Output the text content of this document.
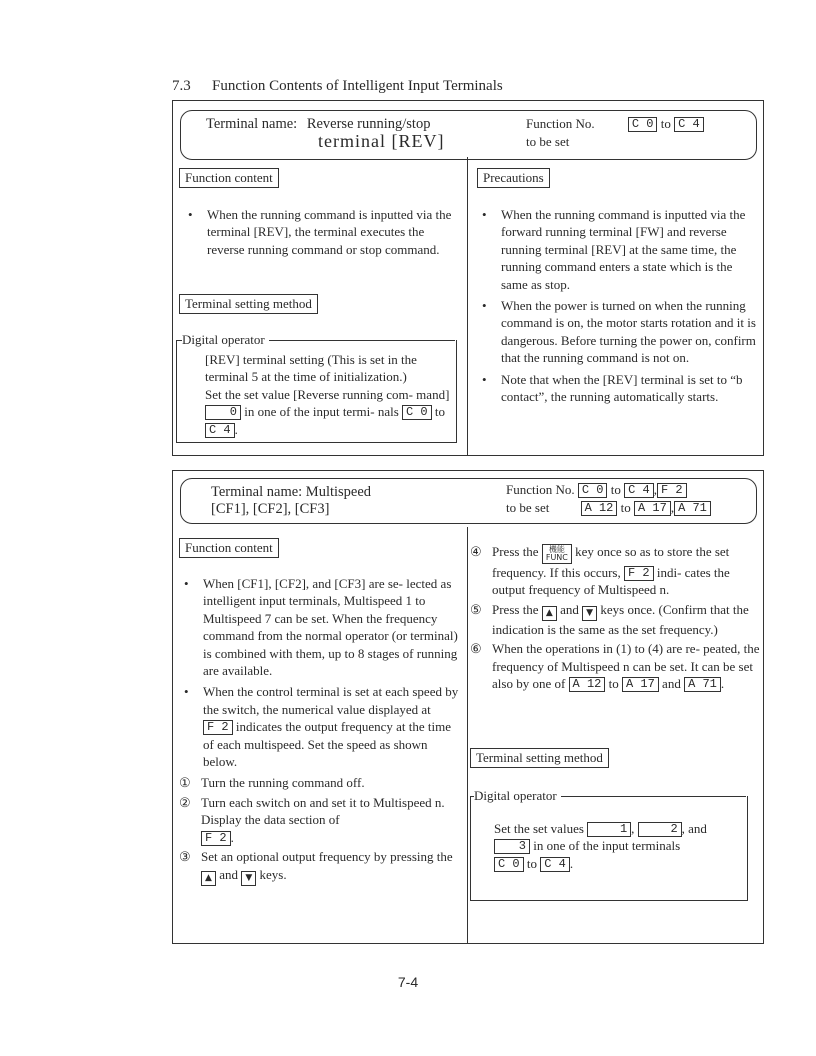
7.3 Function Contents of Intelligent Input Terminals
Terminal name: Reverse running/stop
terminal [REV]
Function No.	C 0 to C 4
to be set
Function content
• When the running command is inputted via the terminal [REV], the terminal executes the reverse running command or stop command.
Terminal setting method
Digital operator
[REV] terminal setting (This is set in the terminal 5 at the time of initialization.)
Set the set value [Reverse running com- mand] 0 in one of the input termi- nals C 0 to C 4 .
Precautions
• When the running command is inputted via the forward running terminal [FW] and reverse running terminal [REV] at the same time, the running command enters a state which is the same as stop.
• When the power is turned on when the running command is on, the motor starts rotation and it is dangerous. Before turning the power on, confirm that the running command is not on.
• Note that when the [REV] terminal is set to “b contact”, the running automatically starts.
Terminal name: Multispeed
[CF1], [CF2], [CF3]
Function No. C 0 to C 4 , F 2
to be set	A 12 to A 17 , A 71
Function content
• When [CF1], [CF2], and [CF3] are se- lected as intelligent input terminals, Multispeed 1 to Multispeed 7 can be set. When the frequency command from the normal operator (or terminal) is combined with them, up to 8 stages of running are available.
• When the control terminal is set at each speed by the switch, the numerical value displayed at F 2 indicates the output frequency at the time of each multispeed. Set the speed as shown below.
① Turn the running command off.
② Turn each switch on and set it to Multispeed n. Display the data section of
F 2 .
③ Set an optional output frequency by pressing the ▲ and ▼ keys.
④ Press the 機能
FUNC key once so as to store the set frequency. If this occurs, F 2 indi- cates the output frequency of Multispeed n.
⑤ Press the ▲ and ▼ keys once. (Confirm that the indication is the same as the set frequency.)
⑥ When the operations in (1) to (4) are re- peated, the frequency of Multispeed n can be set. It can be set also by one of A 12 to A 17 and A 71 .
Terminal setting method
Digital operator
Set the set values	1 ,	2 , and
3 in one of the input terminals
C 0 to C 4 .
7-4
